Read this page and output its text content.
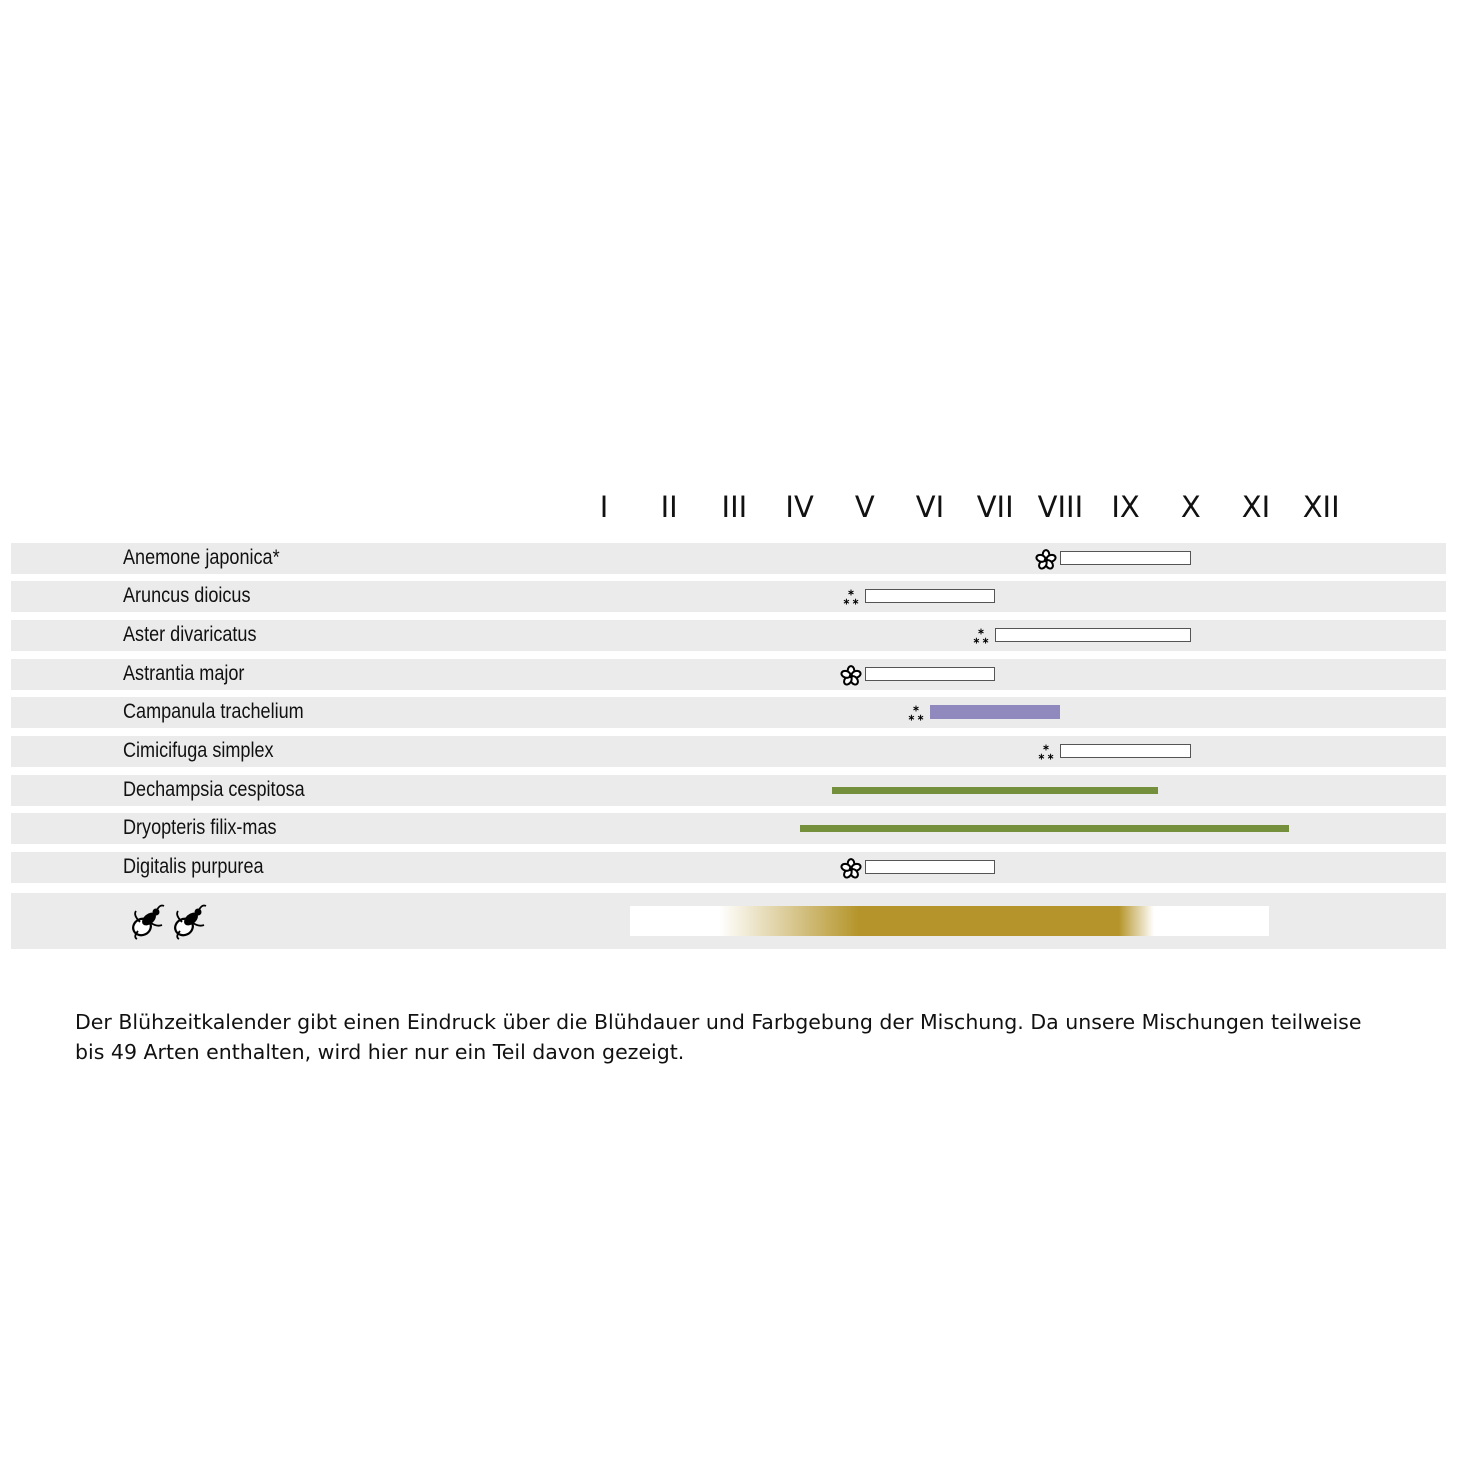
I II III IV V VI VII VIII IX X XI XII
Anemone japonica*
Aruncus dioicus
Aster divaricatus
Astrantia major
Campanula trachelium
Cimicifuga simplex
Dechampsia cespitosa
Dryopteris filix-mas
Digitalis purpurea

Der Blühzeitkalender gibt einen Eindruck über die Blühdauer und Farbgebung der Mischung. Da unsere Mischungen teilweise

bis 49 Arten enthalten, wird hier nur ein Teil davon gezeigt.
